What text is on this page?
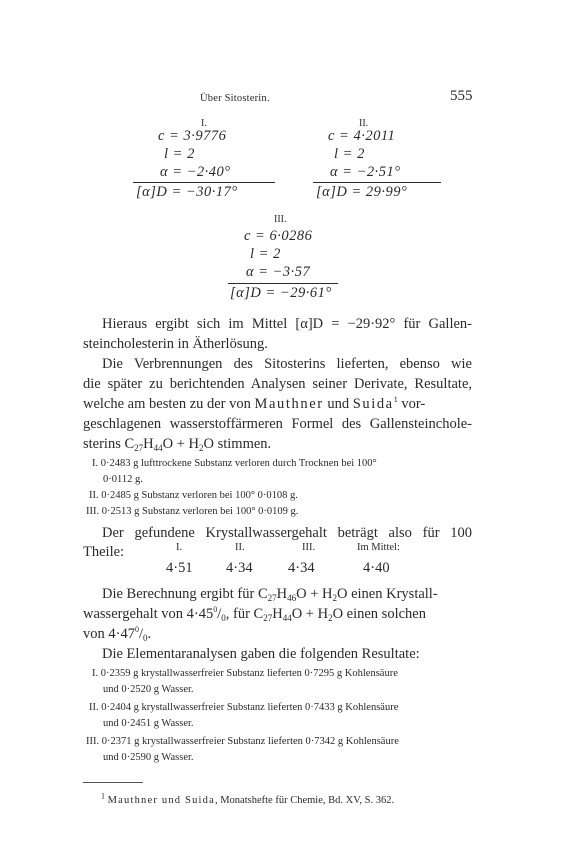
Über Sitosterin.	555
I.
c = 3·9776
l = 2
α = −2·40°
[α]D = −30·17°
II.
c = 4·2011
l = 2
α = −2·51°
[α]D = 29·99°
III.
c = 6·0286
l = 2
α = −3·57
[α]D = −29·61°
Hieraus ergibt sich im Mittel [α]D = −29·92° für Gallen-
steincholesterin in Ätherlösung.
Die Verbrennungen des Sitosterins lieferten, ebenso wie
die später zu berichtenden Analysen seiner Derivate, Resultate,
welche am besten zu der von Mauthner und Suida$^1$ vor-
geschlagenen wasserstoffärmeren Formel des Gallensteinchole-
sterins $C_{27}H_{44}O + H_2O$ stimmen.
I. 0·2483 g lufttrockene Substanz verloren durch Trocknen bei 100°
0·0112 g.
II. 0·2485 g Substanz verloren bei 100° 0·0108 g.
III. 0·2513 g Substanz verloren bei 100° 0·0109 g.
Der gefundene Krystallwassergehalt beträgt also für 100
Theile:	I.	II.	III.	Im Mittel:
4·51 4·34 4·34	4·40
Die Berechnung ergibt für $C_{27}H_{46}O + H_2O$ einen Krystall-
wassergehalt von $4\cdot 45^0/_0$, für $C_{27}H_{44}O + H_2O$ einen solchen
von $4\cdot 47^0/_0$.
Die Elementaranalysen gaben die folgenden Resultate:
I. 0·2359 g krystallwasserfreier Substanz lieferten 0·7295 g Kohlensäure
und 0·2520 g Wasser.
II. 0·2404 g krystallwasserfreier Substanz lieferten 0·7433 g Kohlensäure
und 0·2451 g Wasser.
III. 0·2371 g krystallwasserfreier Substanz lieferten 0·7342 g Kohlensäure
und 0·2590 g Wasser.
$^1$ Mauthner und Suida, Monatshefte für Chemie, Bd. XV, S. 362.
